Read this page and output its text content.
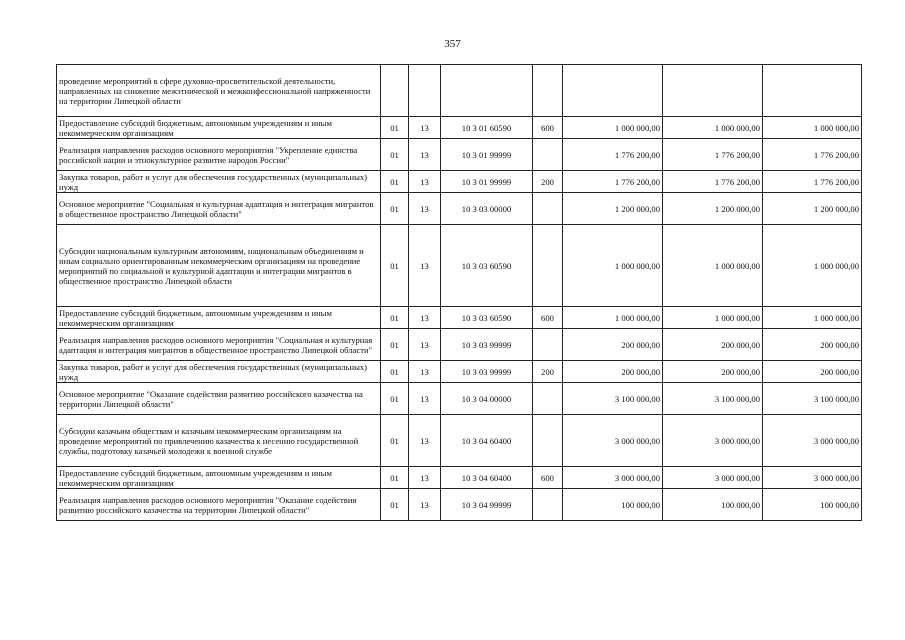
357
проведение мероприятий в сфере духовно-просветительской деятельности, направленных на снижение межэтнической и межконфессиональной напряженности на территории Липецкой области							
Предоставление субсидий бюджетным, автономным учреждениям и иным некоммерческим организациям	01	13	10 3 01 60590	600	1 000 000,00	1 000 000,00	1 000 000,00
Реализация направления расходов основного мероприятия "Укрепление единства российской нации и этнокультурное развитие народов России"	01	13	10 3 01 99999		1 776 200,00	1 776 200,00	1 776 200,00
Закупка товаров, работ и услуг для обеспечения государственных (муниципальных) нужд	01	13	10 3 01 99999	200	1 776 200,00	1 776 200,00	1 776 200,00
Основное мероприятие "Социальная и культурная адаптация и интеграция мигрантов в общественное пространство Липецкой области"	01	13	10 3 03 00000		1 200 000,00	1 200 000,00	1 200 000,00
Субсидии национальным культурным автономиям, национальным объединениям и иным социально ориентированным некоммерческим организациям на проведение мероприятий по социальной и культурной адаптации и интеграции мигрантов в общественное пространство Липецкой области	01	13	10 3 03 60590		1 000 000,00	1 000 000,00	1 000 000,00
Предоставление субсидий бюджетным, автономным учреждениям и иным некоммерческим организациям	01	13	10 3 03 60590	600	1 000 000,00	1 000 000,00	1 000 000,00
Реализация направления расходов основного мероприятия "Социальная и культурная адаптация и интеграция мигрантов в общественное пространство Липецкой области"	01	13	10 3 03 99999		200 000,00	200 000,00	200 000,00
Закупка товаров, работ и услуг для обеспечения государственных (муниципальных) нужд	01	13	10 3 03 99999	200	200 000,00	200 000,00	200 000,00
Основное мероприятие "Оказание содействия развитию российского казачества на территории Липецкой области"	01	13	10 3 04 00000		3 100 000,00	3 100 000,00	3 100 000,00
Субсидии казачьим обществам и казачьим некоммерческим организациям на проведение мероприятий по привлечению казачества к несению государственной службы, подготовку казачьей молодежи к военной службе	01	13	10 3 04 60400		3 000 000,00	3 000 000,00	3 000 000,00
Предоставление субсидий бюджетным, автономным учреждениям и иным некоммерческим организациям	01	13	10 3 04 60400	600	3 000 000,00	3 000 000,00	3 000 000,00
Реализация направления расходов основного мероприятия "Оказание содействия развитию российского казачества на территории Липецкой области"	01	13	10 3 04 99999		100 000,00	100 000,00	100 000,00
